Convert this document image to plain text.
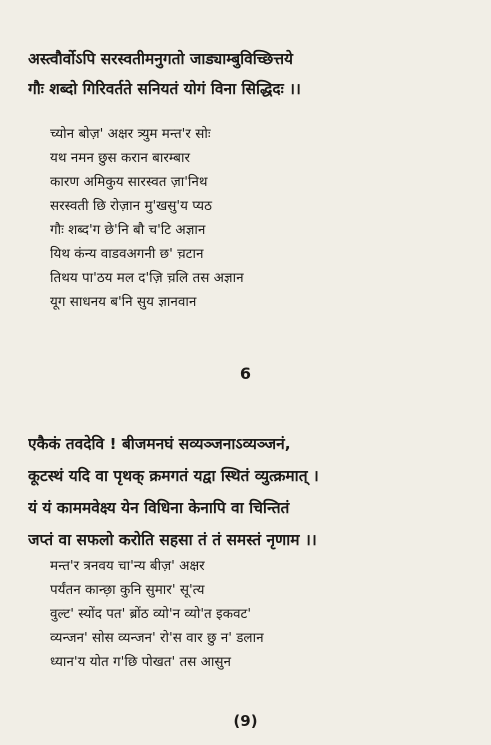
अस्त्वौर्वोऽपि सरस्वतीमनुगतो जाड्याम्बुविच्छित्तये
गौः शब्दो गिरिवर्तते सनियतं योगं विना सिद्धिदः ।।
च्योन बोज़' अक्षर त्र्युम मन्त'र सोः
यथ नमन छुस करान बारम्बार
कारण अमिकुय सारस्वत ज़ा'निथ
सरस्वती छि रोज़ान मु'खसु'य प्यठ
गौः शब्द'ग छे'नि बौ च'टि अज्ञान
यिथ कंन्य वाडवअगनी छ' च़टान
तिथय पा'ठय मल द'ज़ि च़लि तस अज्ञान
यूग साधनय ब'नि सुय ज्ञानवान
6
एकैकं तवदेवि ! बीजमनघं सव्यञ्जनाऽव्यञ्जनं,
कूटस्थं यदि वा पृथक् क्रमगतं यद्वा स्थितं व्युत्क्रमात् ।
यं यं काममवेक्ष्य येन विधिना केनापि वा चिन्तितं
जप्तं वा सफलो करोति सहसा तं तं समस्तं नृणाम ।।
मन्त'र त्रनवय चा'न्य बीज़' अक्षर
पर्यंतन कान्छ़ा कुनि सुमार' सू'त्य
वुल्ट' स्योंद पत' ब्रोंठ व्यो'न व्यो'त इकवट'
व्यन्जन' सोस व्यन्जन' रो'स वार छु न' डलान
ध्यान'य योत ग'छि पोखत' तस आसुन
(9)
